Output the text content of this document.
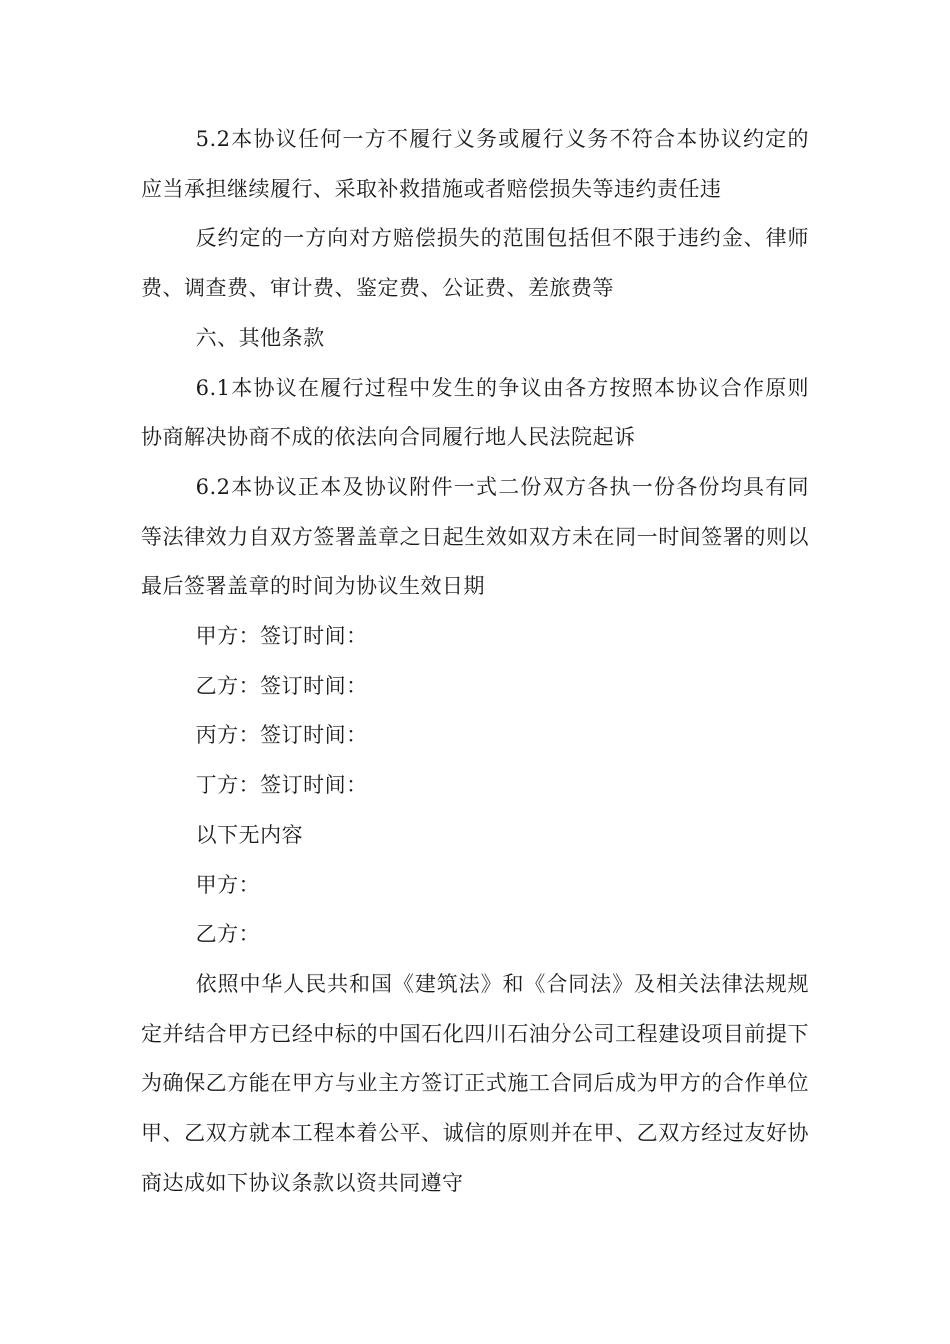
5.2本协议任何一方不履行义务或履行义务不符合本协议约定的应当承担继续履行、采取补救措施或者赔偿损失等违约责任违

反约定的一方向对方赔偿损失的范围包括但不限于违约金、律师费、调查费、审计费、鉴定费、公证费、差旅费等

六、其他条款

6.1本协议在履行过程中发生的争议由各方按照本协议合作原则协商解决协商不成的依法向合同履行地人民法院起诉

6.2本协议正本及协议附件一式二份双方各执一份各份均具有同等法律效力自双方签署盖章之日起生效如双方未在同一时间签署的则以最后签署盖章的时间为协议生效日期

甲方：签订时间：

乙方：签订时间：

丙方：签订时间：

丁方：签订时间：

以下无内容

甲方：

乙方：

依照中华人民共和国《建筑法》和《合同法》及相关法律法规规定并结合甲方已经中标的中国石化四川石油分公司工程建设项目前提下为确保乙方能在甲方与业主方签订正式施工合同后成为甲方的合作单位甲、乙双方就本工程本着公平、诚信的原则并在甲、乙双方经过友好协商达成如下协议条款以资共同遵守
